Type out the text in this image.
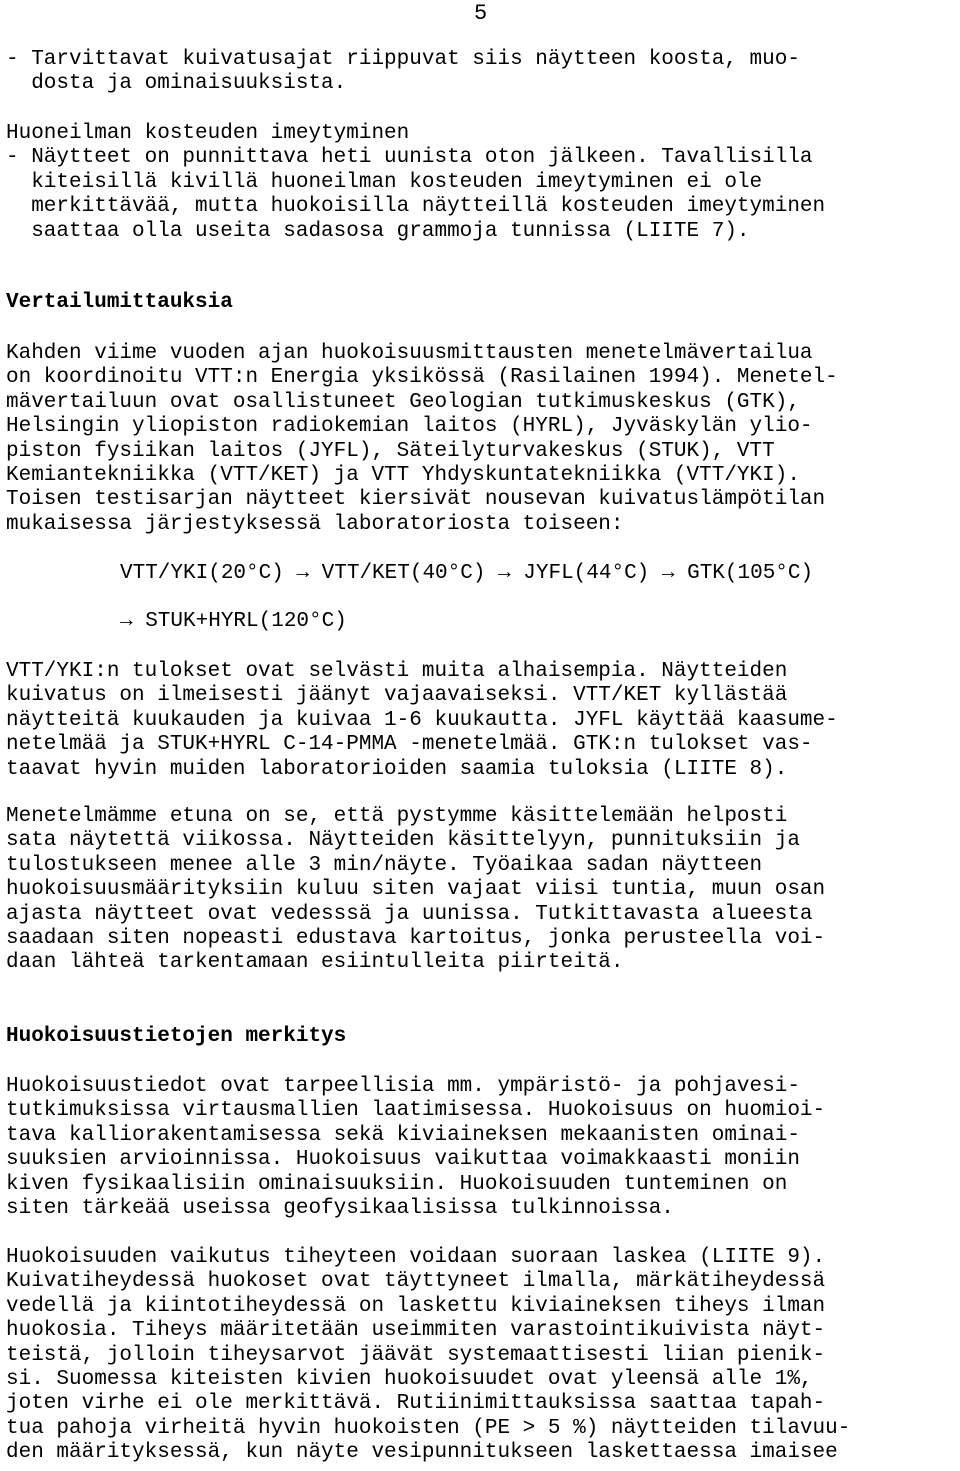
5
- Tarvittavat kuivatusajat riippuvat siis näytteen koosta, muo-
dosta ja ominaisuuksista.
Huoneilman kosteuden imeytyminen
- Näytteet on punnittava heti uunista oton jälkeen. Tavallisilla
kiteisillä kivillä huoneilman kosteuden imeytyminen ei ole
merkittävää, mutta huokoisilla näytteillä kosteuden imeytyminen
saattaa olla useita sadasosa grammoja tunnissa (LIITE 7).
Vertailumittauksia
Kahden viime vuoden ajan huokoisuusmittausten menetelmävertailua
on koordinoitu VTT:n Energia yksikössä (Rasilainen 1994). Menetel-
mävertailuun ovat osallistuneet Geologian tutkimuskeskus (GTK),
Helsingin yliopiston radiokemian laitos (HYRL), Jyväskylän ylio-
piston fysiikan laitos (JYFL), Säteilyturvakeskus (STUK), VTT
Kemiantekniikka (VTT/KET) ja VTT Yhdyskuntatekniikka (VTT/YKI).
Toisen testisarjan näytteet kiersivät nousevan kuivatuslämpötilan
mukaisessa järjestyksessä laboratoriosta toiseen:
VTT/YKI(20°C) → VTT/KET(40°C) → JYFL(44°C) → GTK(105°C)
→ STUK+HYRL(120°C)
VTT/YKI:n tulokset ovat selvästi muita alhaisempia. Näytteiden
kuivatus on ilmeisesti jäänyt vajaavaiseksi. VTT/KET kyllästää
näytteitä kuukauden ja kuivaa 1-6 kuukautta. JYFL käyttää kaasume-
netelmää ja STUK+HYRL C-14-PMMA -menetelmää. GTK:n tulokset vas-
taavat hyvin muiden laboratorioiden saamia tuloksia (LIITE 8).
Menetelmämme etuna on se, että pystymme käsittelemään helposti
sata näytettä viikossa. Näytteiden käsittelyyn, punnituksiin ja
tulostukseen menee alle 3 min/näyte. Työaikaa sadan näytteen
huokoisuusmäärityksiin kuluu siten vajaat viisi tuntia, muun osan
ajasta näytteet ovat vedesssä ja uunissa. Tutkittavasta alueesta
saadaan siten nopeasti edustava kartoitus, jonka perusteella voi-
daan lähteä tarkentamaan esiintulleita piirteitä.
Huokoisuustietojen merkitys
Huokoisuustiedot ovat tarpeellisia mm. ympäristö- ja pohjavesi-
tutkimuksissa virtausmallien laatimisessa. Huokoisuus on huomioi-
tava kalliorakentamisessa sekä kiviaineksen mekaanisten ominai-
suuksien arvioinnissa. Huokoisuus vaikuttaa voimakkaasti moniin
kiven fysikaalisiin ominaisuuksiin. Huokoisuuden tunteminen on
siten tärkeää useissa geofysikaalisissa tulkinnoissa.
Huokoisuuden vaikutus tiheyteen voidaan suoraan laskea (LIITE 9).
Kuivatiheydessä huokoset ovat täyttyneet ilmalla, märkätiheydessä
vedellä ja kiintotiheydessä on laskettu kiviaineksen tiheys ilman
huokosia. Tiheys määritetään useimmiten varastointikuivista näyt-
teistä, jolloin tiheysarvot jäävät systemaattisesti liian pienik-
si. Suomessa kiteisten kivien huokoisuudet ovat yleensä alle 1%,
joten virhe ei ole merkittävä. Rutiinimittauksissa saattaa tapah-
tua pahoja virheitä hyvin huokoisten (PE > 5 %) näytteiden tilavuu-
den määrityksessä, kun näyte vesipunnitukseen laskettaessa imaisee
